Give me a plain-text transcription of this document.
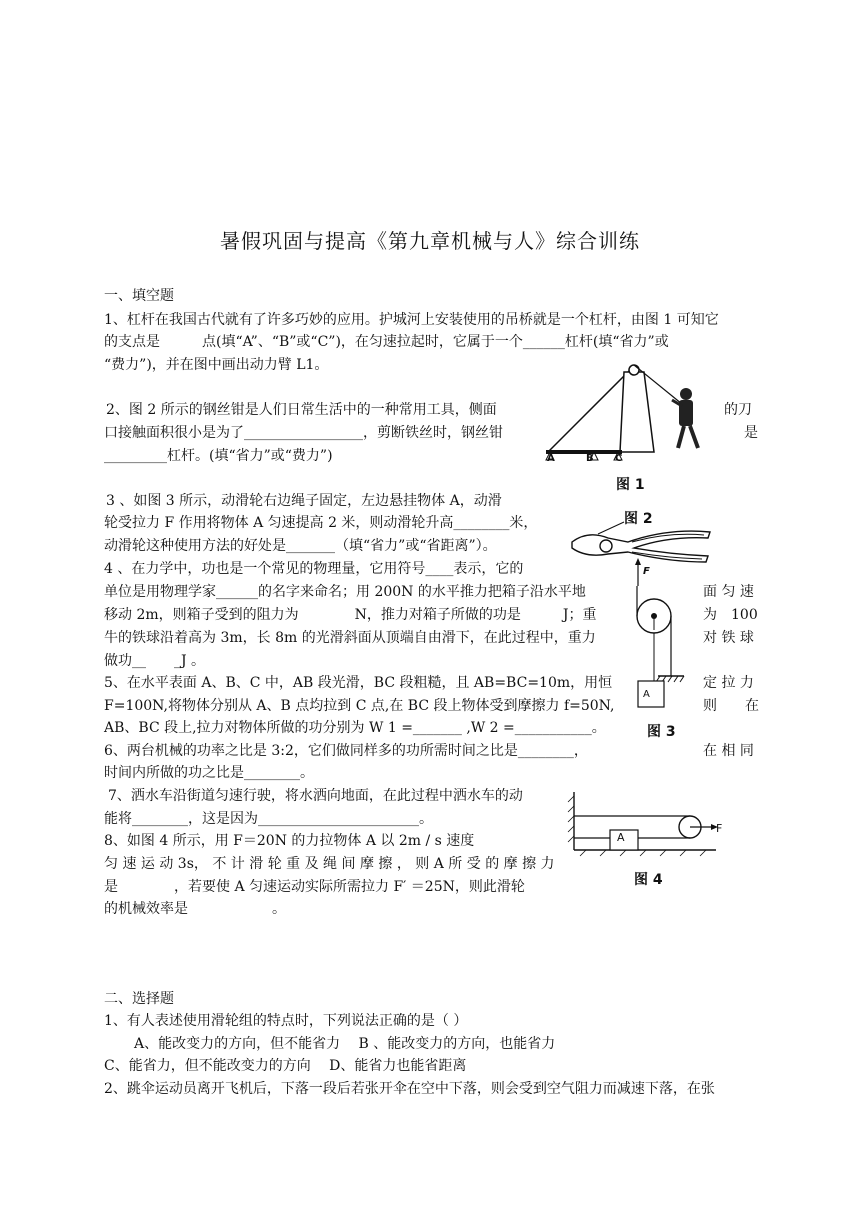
暑假巩固与提高《第九章机械与人》综合训练
一、填空题
1、杠杆在我国古代就有了许多巧妙的应用。护城河上安装使用的吊桥就是一个杠杆，由图 1 可知它
的支点是　　　点(填“A”、“B”或“C”)，在匀速拉起时，它属于一个______杠杆(填“省力”或
“费力”)，并在图中画出动力臂 L1。
2、图 2 所示的钢丝钳是人们日常生活中的一种常用工具，侧面	的刀
口接触面积很小是为了_________________，剪断铁丝时，钢丝钳	是
_________杠杆。(填“省力”或“费力”)
3 、如图 3 所示，动滑轮右边绳子固定，左边悬挂物体 A，动滑
轮受拉力 F 作用将物体 A 匀速提高 2 米，则动滑轮升高________米，
动滑轮这种使用方法的好处是_______（填“省力”或“省距离”）。
4 、在力学中，功也是一个常见的物理量，它用符号____表示，它的
单位是用物理学家______的名字来命名；用 200N 的水平推力把箱子沿水平地	面 匀 速
移动 2m，则箱子受到的阻力为　　　　N，推力对箱子所做的功是　　　J；重	为　100
牛的铁球沿着高为 3m，长 8m 的光滑斜面从顶端自由滑下，在此过程中，重力	对 铁 球
做功__　　_J 。
5、在水平表面 A、B、C 中，AB 段光滑，BC 段粗糙，且 AB=BC=10m，用恒	定 拉 力
F=100N,将物体分别从 A、B 点均拉到 C 点,在 BC 段上物体受到摩擦力 f=50N,	则　　在
AB、BC 段上,拉力对物体所做的功分别为 W 1 =_______ ,W 2 =___________。
6、两台机械的功率之比是 3:2，它们做同样多的功所需时间之比是________，	在 相 同
时间内所做的功之比是________。
7、洒水车沿街道匀速行驶，将水洒向地面，在此过程中洒水车的动
能将________，这是因为_______________________。
8、如图 4 所示，用 F＝20N 的力拉物体 A 以 2m / s 速度
匀 速 运 动 3s， 不 计 滑 轮 重 及 绳 间 摩 擦 ， 则 A 所 受 的 摩 擦 力
是　　　　，若要使 A 匀速运动实际所需拉力 F′ ＝25N，则此滑轮
的机械效率是　　　　　　。
二、选择题
1、有人表述使用滑轮组的特点时，下列说法正确的是（ ）
A、能改变力的方向，但不能省力　 B 、能改变力的方向，也能省力
C、能省力，但不能改变力的方向　 D、能省力也能省距离
2、跳伞运动员离开飞机后，下落一段后若张开伞在空中下落，则会受到空气阻力而减速下落，在张
A	B C
图 1
图 2
F
A
图 3
A
F
图 4
